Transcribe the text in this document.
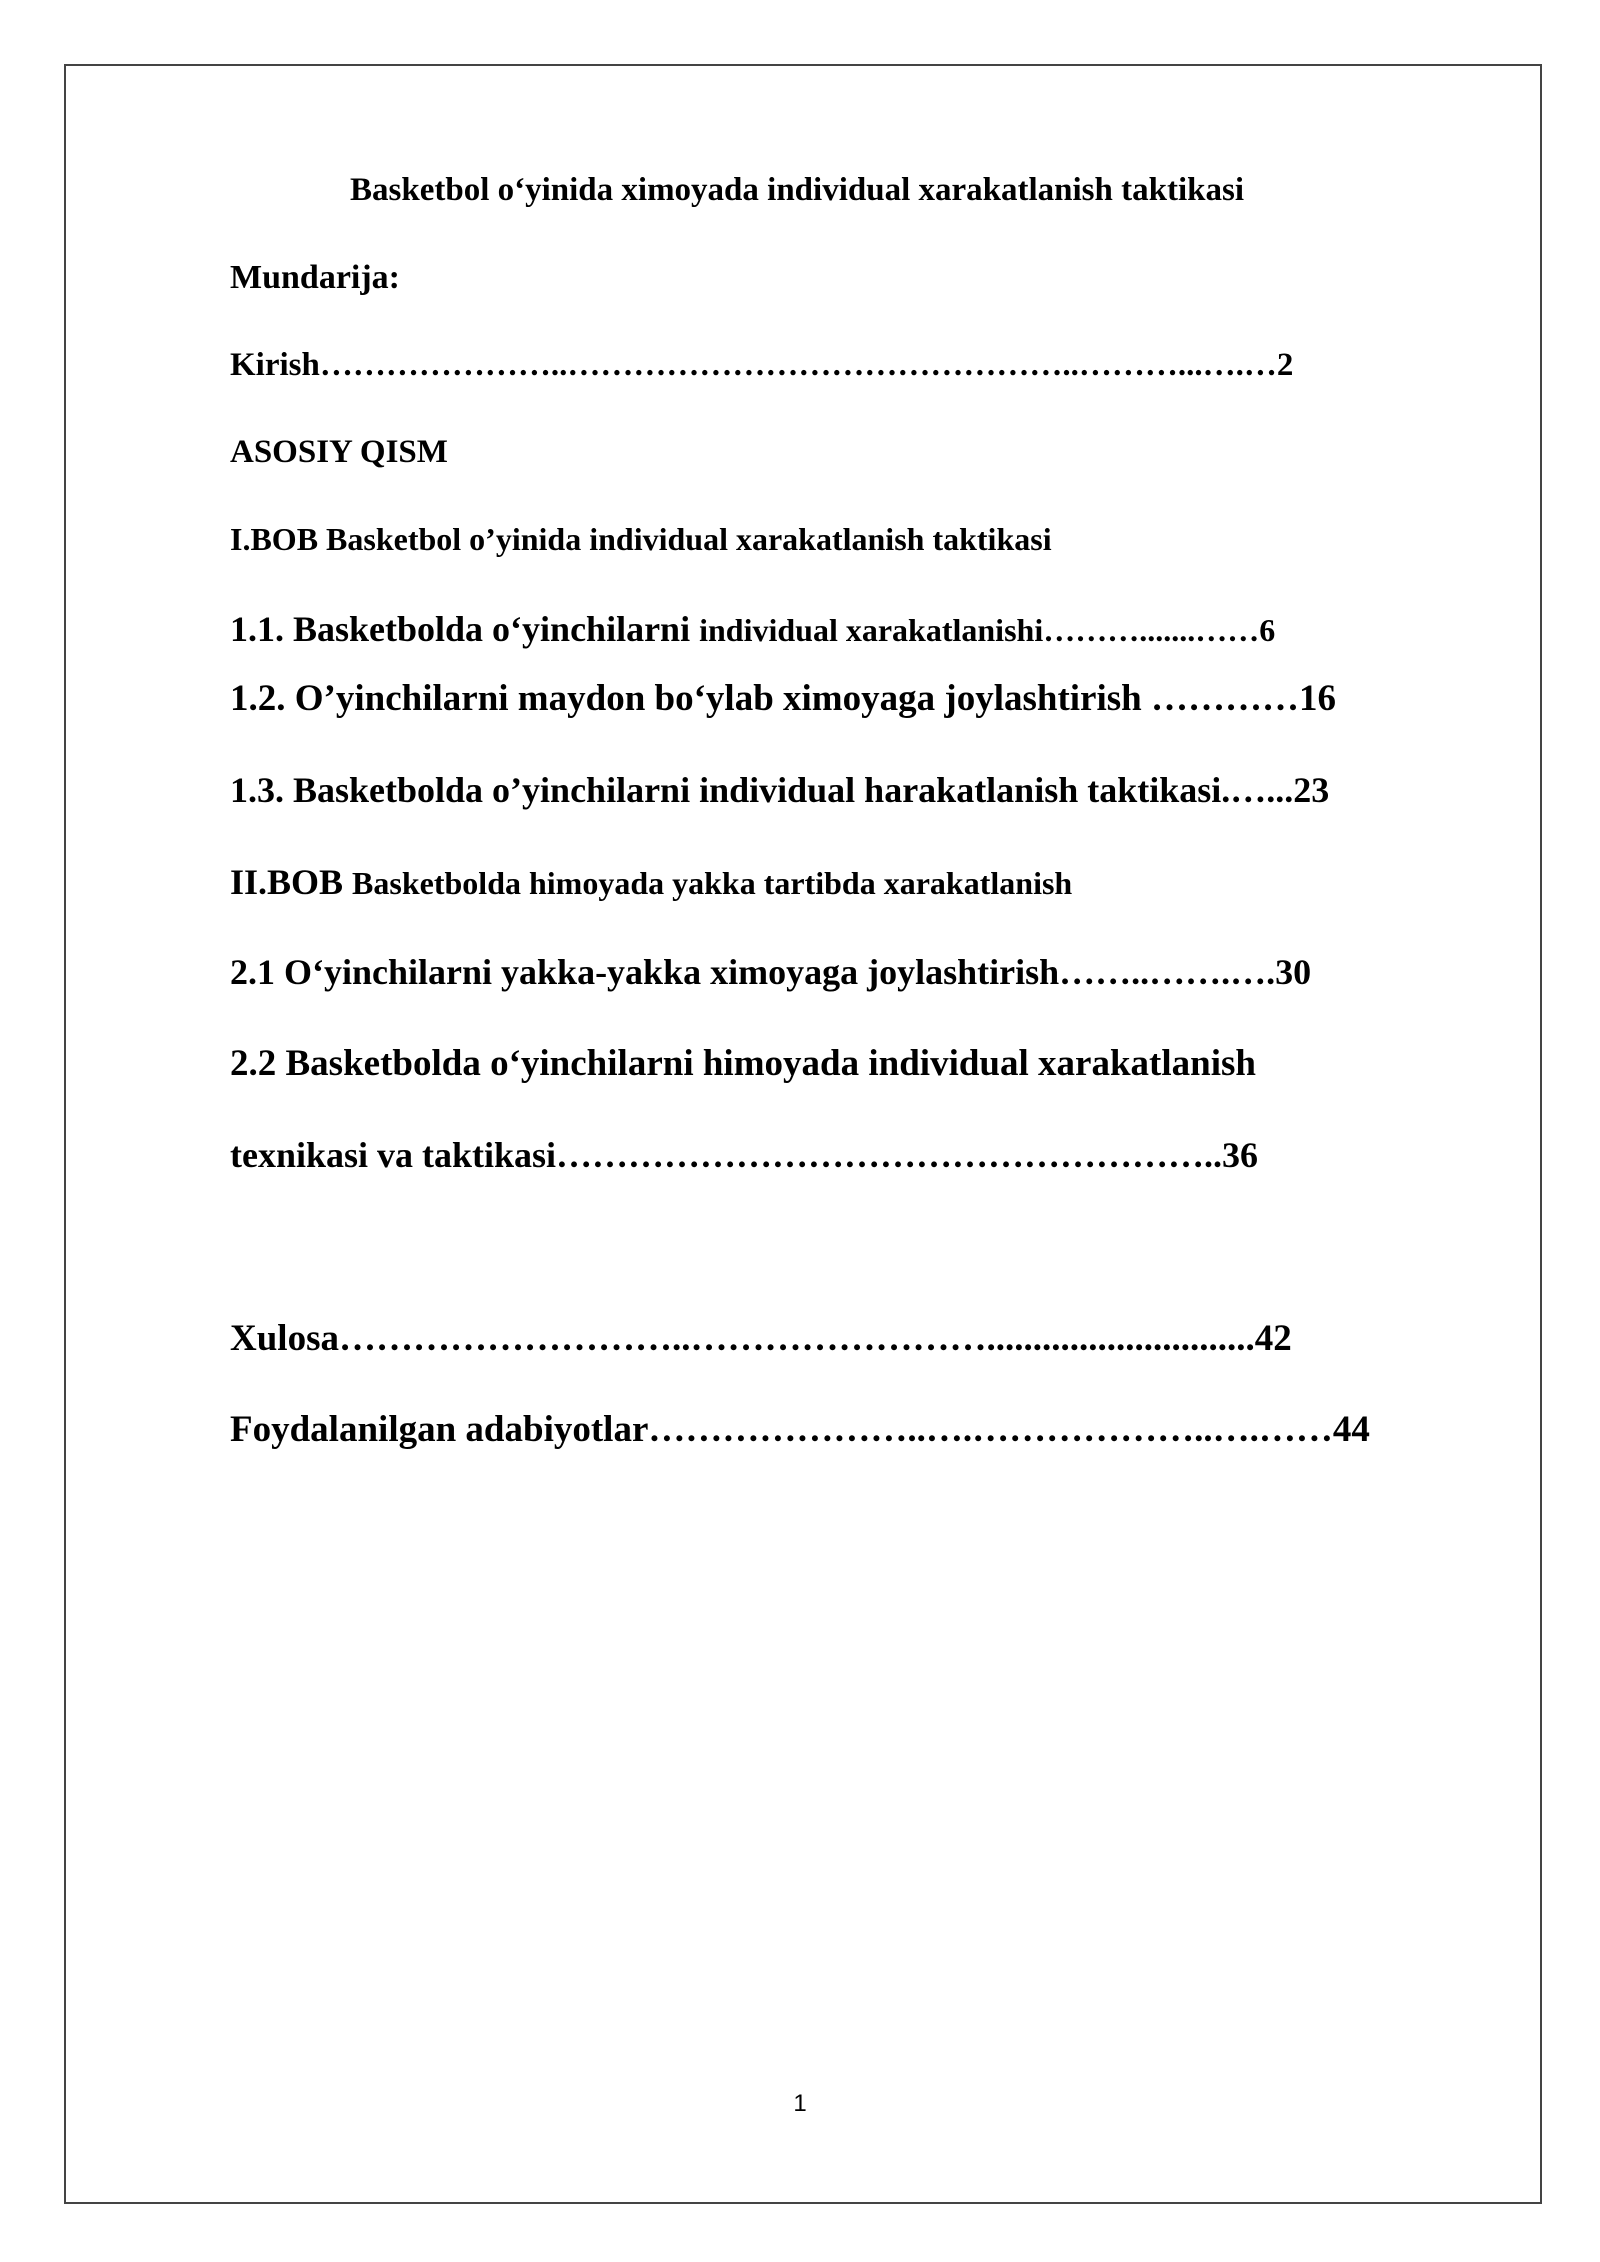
Basketbol o‘yinida ximoyada individual xarakatlanish taktikasi
Mundarija:
Kirish…………………..………………………………………..………...….…2
ASOSIY QISM
I.BOB Basketbol o’yinida individual xarakatlanish taktikasi
1.1. Basketbolda o‘yinchilarni individual xarakatlanishi……….......……6
1.2. O’yinchilarni maydon bo‘ylab ximoyaga joylashtirish …………16
1.3. Basketbolda o’yinchilarni individual harakatlanish taktikasi.…...23
II.BOB Basketbolda himoyada yakka tartibda xarakatlanish
2.1 O‘yinchilarni yakka-yakka ximoyaga joylashtirish……..…….….30
2.2 Basketbolda o‘yinchilarni himoyada individual xarakatlanish
texnikasi va taktikasi………………………………………………..36
Xulosa………………………..…………………….............................42
Foydalanilgan adabiyotlar…………………..….………………..….……44
1
